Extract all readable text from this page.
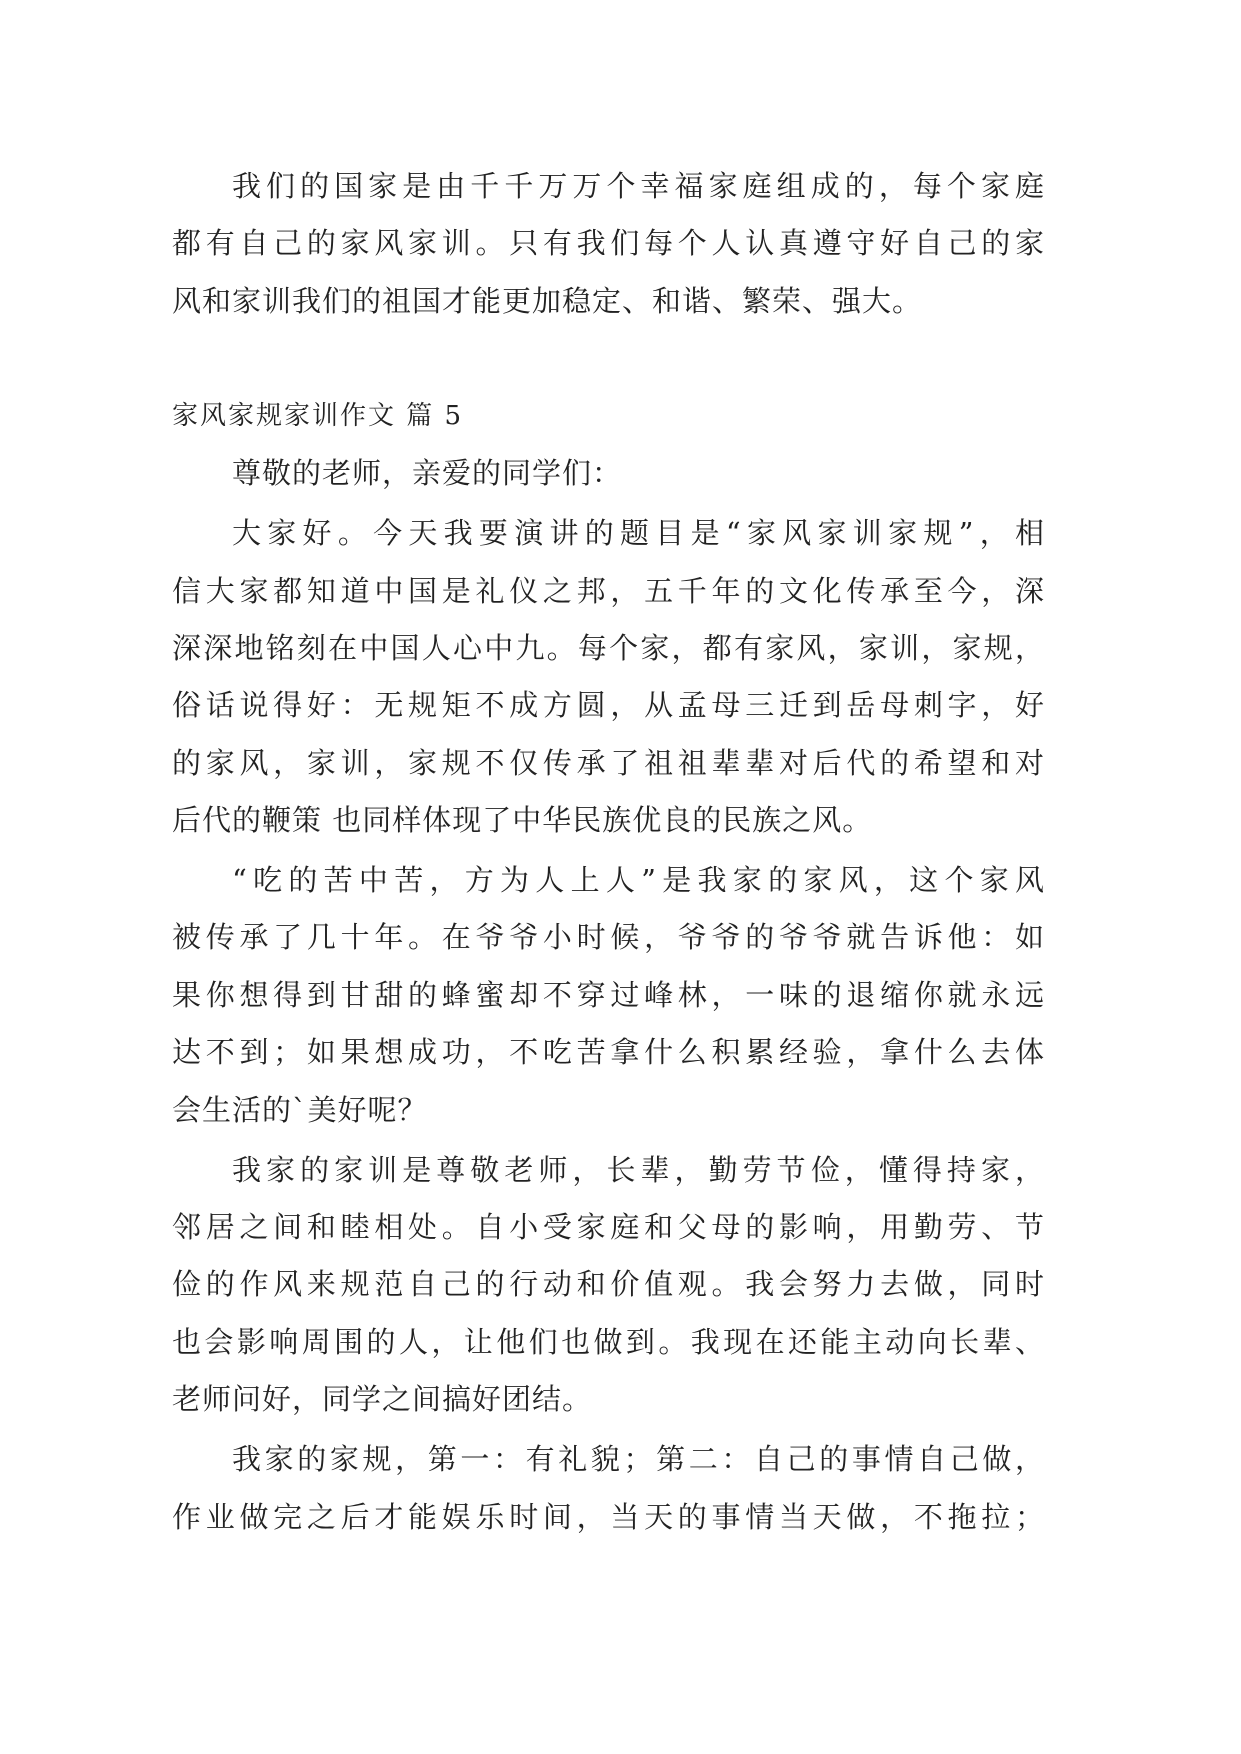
我们的国家是由千千万万个幸福家庭组成的，每个家庭
都有自己的家风家训。只有我们每个人认真遵守好自己的家
风和家训我们的祖国才能更加稳定、和谐、繁荣、强大。
家风家规家训作文 篇 5
尊敬的老师，亲爱的同学们：
大家好。今天我要演讲的题目是“家风家训家规”，相
信大家都知道中国是礼仪之邦，五千年的文化传承至今，深
深深地铭刻在中国人心中九。每个家，都有家风，家训，家规，
俗话说得好：无规矩不成方圆，从孟母三迁到岳母刺字，好
的家风，家训，家规不仅传承了祖祖辈辈对后代的希望和对
后代的鞭策 也同样体现了中华民族优良的民族之风。
“吃的苦中苦，方为人上人”是我家的家风，这个家风
被传承了几十年。在爷爷小时候，爷爷的爷爷就告诉他：如
果你想得到甘甜的蜂蜜却不穿过峰林，一味的退缩你就永远
达不到；如果想成功，不吃苦拿什么积累经验，拿什么去体
会生活的`美好呢？
我家的家训是尊敬老师，长辈，勤劳节俭，懂得持家，
邻居之间和睦相处。自小受家庭和父母的影响，用勤劳、节
俭的作风来规范自己的行动和价值观。我会努力去做，同时
也会影响周围的人，让他们也做到。我现在还能主动向长辈、
老师问好，同学之间搞好团结。
我家的家规，第一：有礼貌；第二：自己的事情自己做，
作业做完之后才能娱乐时间，当天的事情当天做，不拖拉；
